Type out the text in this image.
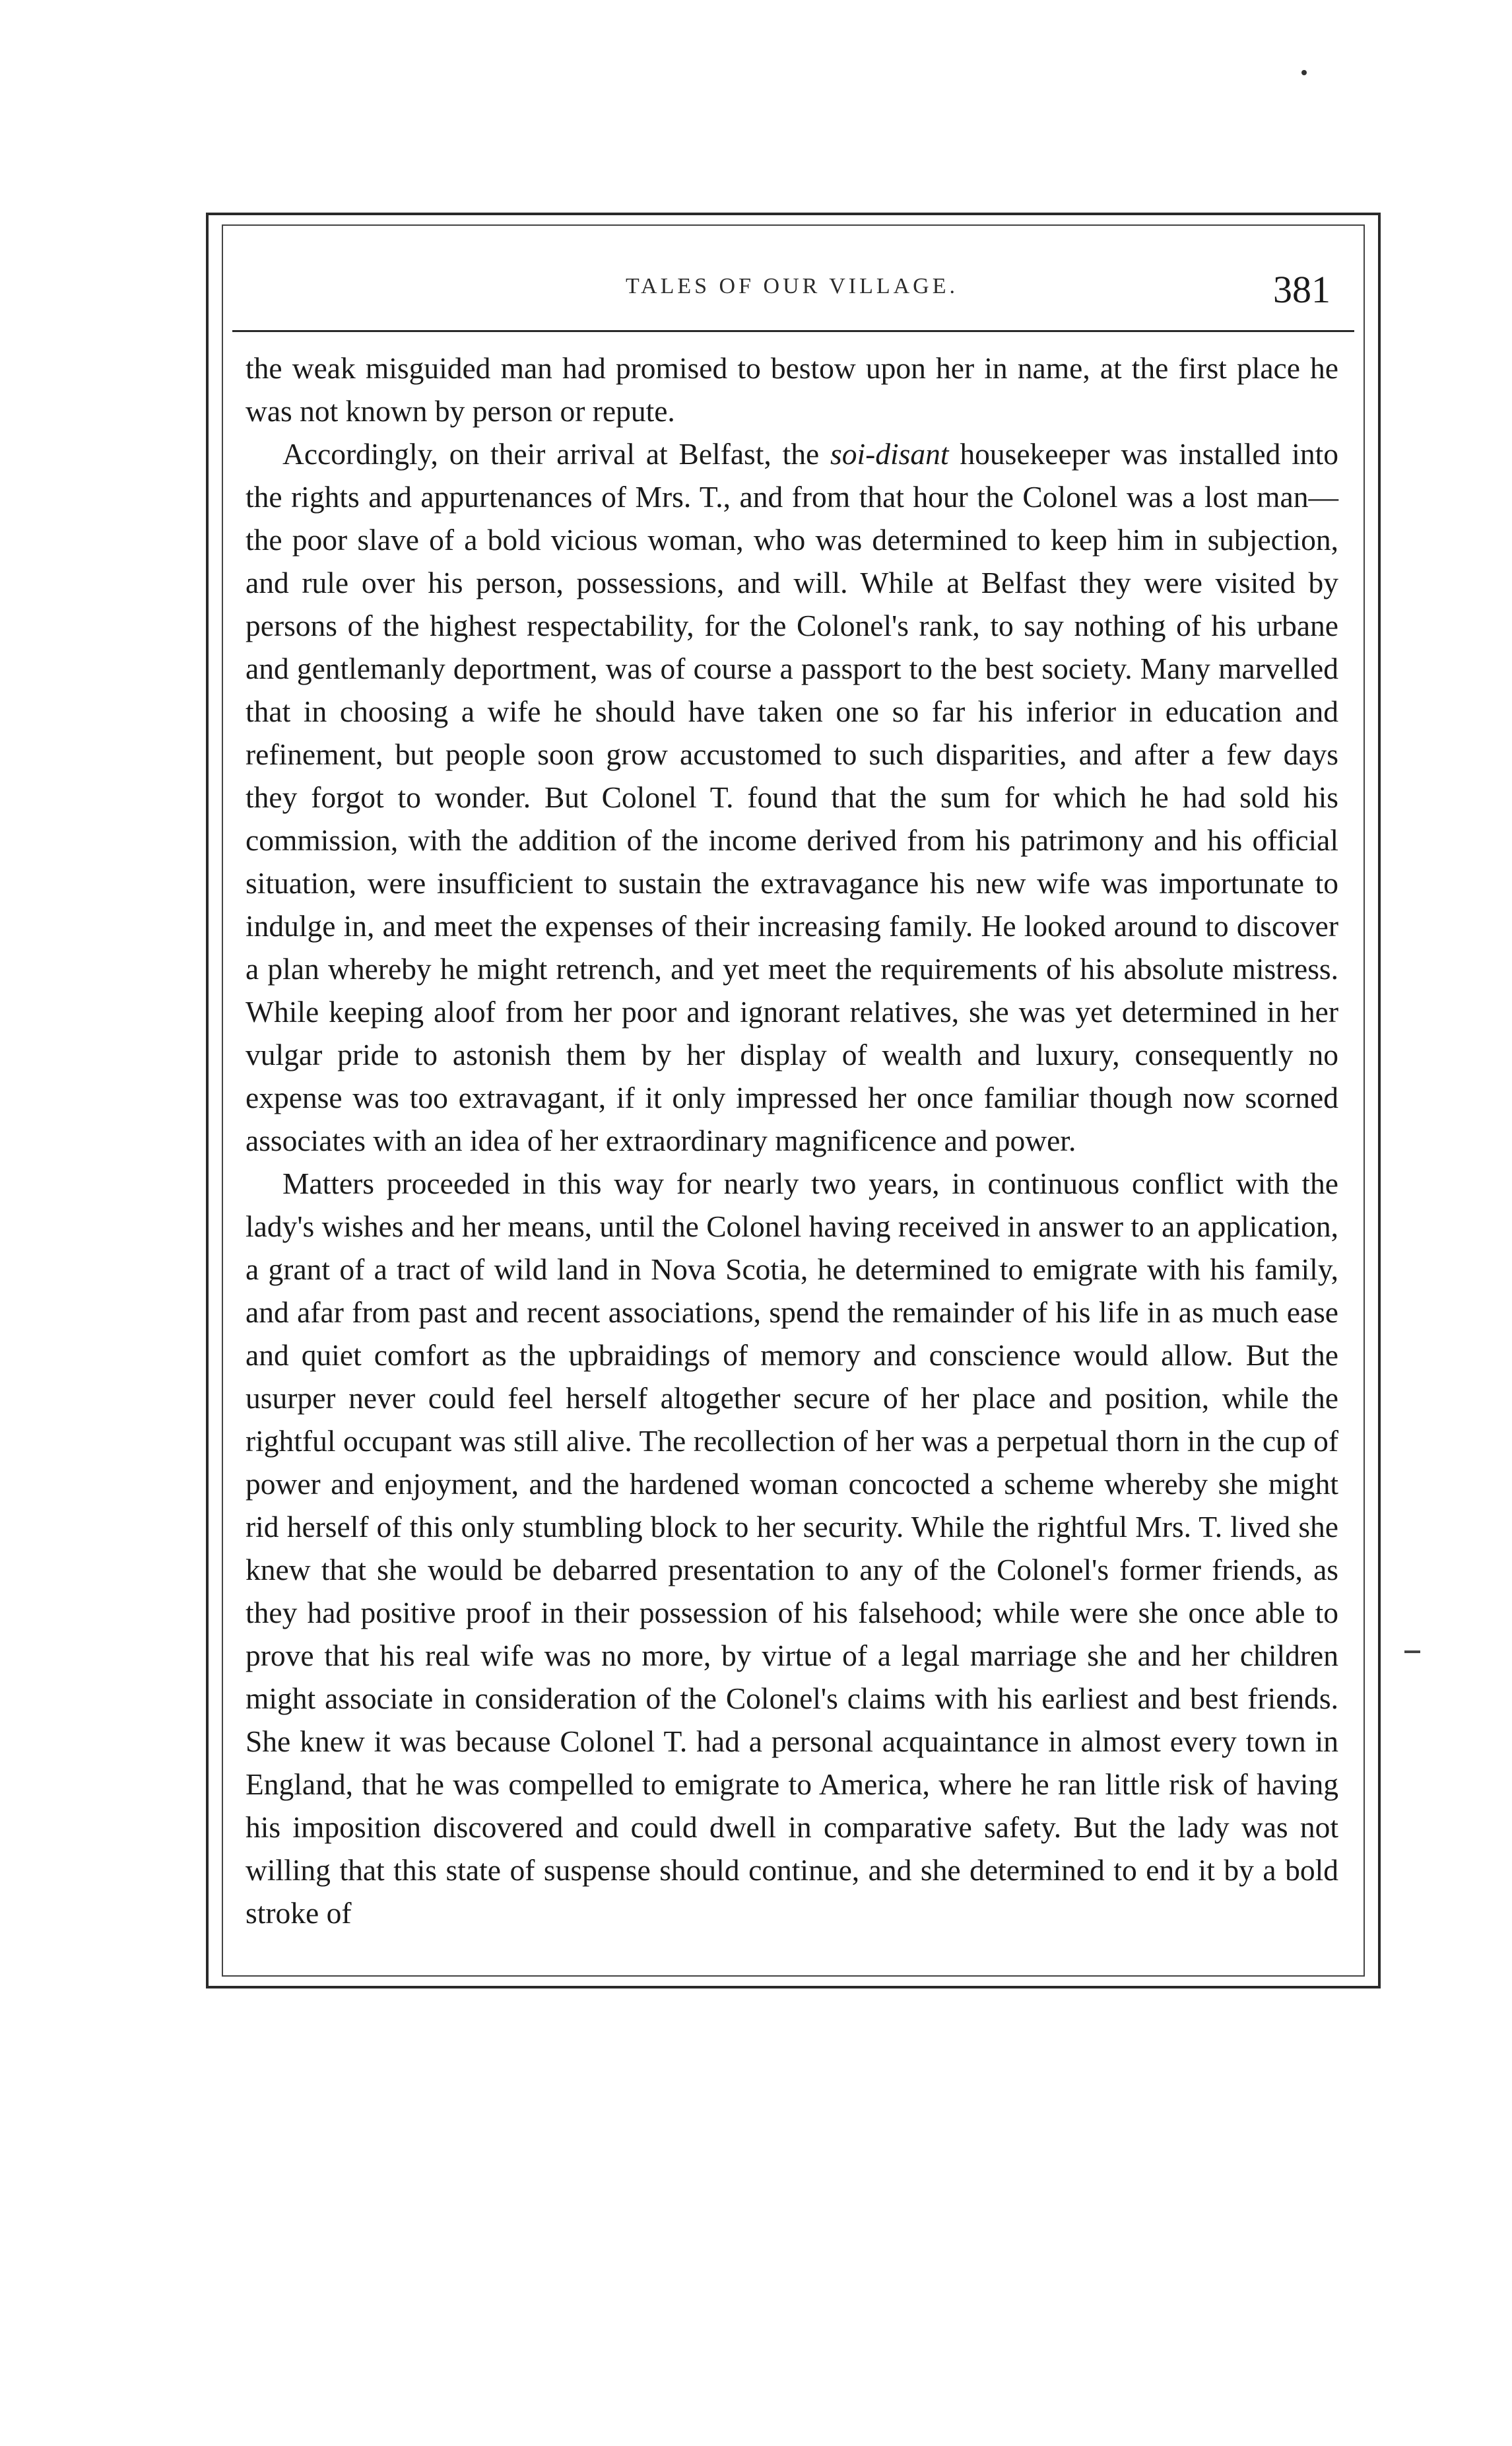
TALES OF OUR VILLAGE.	381

the weak misguided man had promised to bestow upon her in name, at the first place he was not known by person or repute.

Accordingly, on their arrival at Belfast, the soi-disant housekeeper was installed into the rights and appurtenances of Mrs. T., and from that hour the Colonel was a lost man—the poor slave of a bold vicious woman, who was determined to keep him in subjection, and rule over his person, possessions, and will. While at Belfast they were visited by persons of the highest respectability, for the Colonel's rank, to say nothing of his urbane and gentlemanly deportment, was of course a passport to the best society. Many marvelled that in choosing a wife he should have taken one so far his inferior in education and refinement, but people soon grow accustomed to such disparities, and after a few days they forgot to wonder. But Colonel T. found that the sum for which he had sold his commission, with the addition of the income derived from his patrimony and his official situation, were insufficient to sustain the extravagance his new wife was importunate to indulge in, and meet the expenses of their increasing family. He looked around to discover a plan whereby he might retrench, and yet meet the requirements of his absolute mistress. While keeping aloof from her poor and ignorant relatives, she was yet determined in her vulgar pride to astonish them by her display of wealth and luxury, consequently no expense was too extravagant, if it only impressed her once familiar though now scorned associates with an idea of her extraordinary magnificence and power.

Matters proceeded in this way for nearly two years, in continuous conflict with the lady's wishes and her means, until the Colonel having received in answer to an application, a grant of a tract of wild land in Nova Scotia, he determined to emigrate with his family, and afar from past and recent associations, spend the remainder of his life in as much ease and quiet comfort as the upbraidings of memory and conscience would allow. But the usurper never could feel herself altogether secure of her place and position, while the rightful occupant was still alive. The recollection of her was a perpetual thorn in the cup of power and enjoyment, and the hardened woman concocted a scheme whereby she might rid herself of this only stumbling block to her security. While the rightful Mrs. T. lived she knew that she would be debarred presentation to any of the Colonel's former friends, as they had positive proof in their possession of his falsehood; while were she once able to prove that his real wife was no more, by virtue of a legal marriage she and her children might associate in consideration of the Colonel's claims with his earliest and best friends. She knew it was because Colonel T. had a personal acquaintance in almost every town in England, that he was compelled to emigrate to America, where he ran little risk of having his imposition discovered and could dwell in comparative safety. But the lady was not willing that this state of suspense should continue, and she determined to end it by a bold stroke of
